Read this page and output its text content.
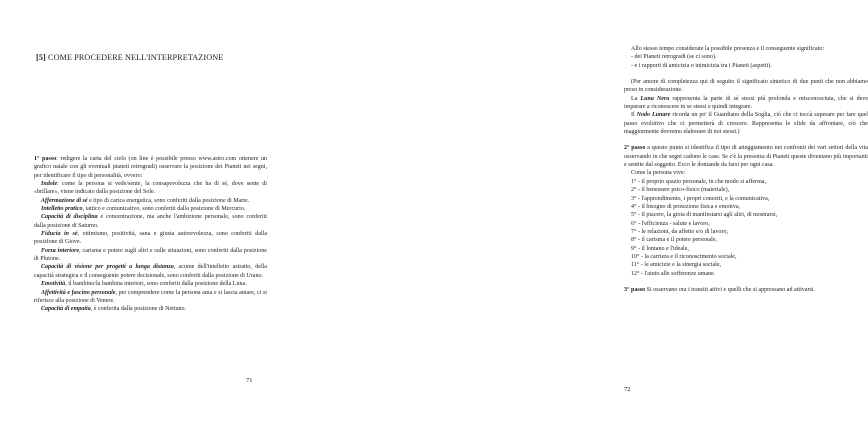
[5] COME PROCEDERE NELL'INTERPRETAZIONE

1° passo: redigere la carta del cielo (on line è possibile presso www.astro.com ottenere un grafico natale con gli eventuali pianeti retrogradi) osservare la posizione dei Pianeti nei segni, per identificare il tipo di personalità, ovvero:

Indole: come la persona si vede/sente, la consapevolezza che ha di sé, dove sente di «brillare», viene indicato dalla posizione del Sole.

Affermazione di sé e tipo di carica energetica, sono conferiti dalla posizione di Marte.

Intelletto pratico, tattico e comunicativo, sono conferiti dalla posizione di Mercurio.

Capacità di disciplina e concentrazione, ma anche l'ambizione personale, sono conferiti dalla posizione di Saturno.

Fiducia in sé, ottimismo, positività, sana e giusta autorevolezza, sono conferiti dalla posizione di Giove.

Forza interiore, carisma e potere sugli altri e sulle situazioni, sono conferiti dalla posizione di Plutone.

Capacità di visione per progetti a lunga distanza, acume dell'intelletto astratto, della capacità strategica e il conseguente potere decisionale, sono conferiti dalla posizione di Urano.

Emotività, il bambino/la bambina interiori, sono conferiti dalla posizione della Luna.

Affettività e fascino personale, per comprendere come la persona ama e si lascia amare, ci si riferisce alla posizione di Venere.

Capacità di empatia, è conferita dalla posizione di Nettuno.

71

Allo stesso tempo considerate la possibile presenza e il conseguente significato:

- dei Pianeti retrogradi (se ci sono).
- e i rapporti di amicizia o inimicizia tra i Pianeti (aspetti).

(Per amore di completezza qui di seguito il significato sintetico di due punti che non abbiamo preso in considerazione.

La Luna Nera rappresenta la parte di sé stessi più profonda e misconosciuta, che si deve imparare a riconoscere in se stessi e quindi integrare.

Il Nodo Lunare ricorda un po' il Guardiano della Soglia, ciò che ci toccà superare per fare quel passo evolutivo che ci permetterà di crescere. Rappresenta le sfide da affrontare, ciò che maggiormente dovremo elaborare di noi stessi.)

2° passo a questo punto si identifica il tipo di atteggiamento nei confronti dei vari settori della vita osservando in che segni cadono le case. Se c'è la presenza di Pianeti queste diventano più importanti e sentite dal soggetto. Ecco le domande da farsi per ogni casa.

Come la persona vive:

1° - il proprio spazio personale, in che modo si afferma,
2° - il benessere psico-fisico (materiale),
3° - l'apprendimento, i propri concetti, e la comunicativa,
4° - il bisogno di protezione fisica e emotiva,
5° - il piacere, la gioia di manifestarsi agli altri, di mostrarsi,
6° - l'efficienza - salute e lavoro,
7° - le relazioni, da affetto e/o di lavoro,
8° - il carisma e il potere personale,
9° - il lontano e l'ideale,
10° - la carriera e il riconoscimento sociale,
11° - le amicizie e la sinergia sociale,
12° - l'aiuto alle sofferenze umane.

3° passo Si osservano ora i transiti attivi e quelli che si appressano ad attivarsi.

72
